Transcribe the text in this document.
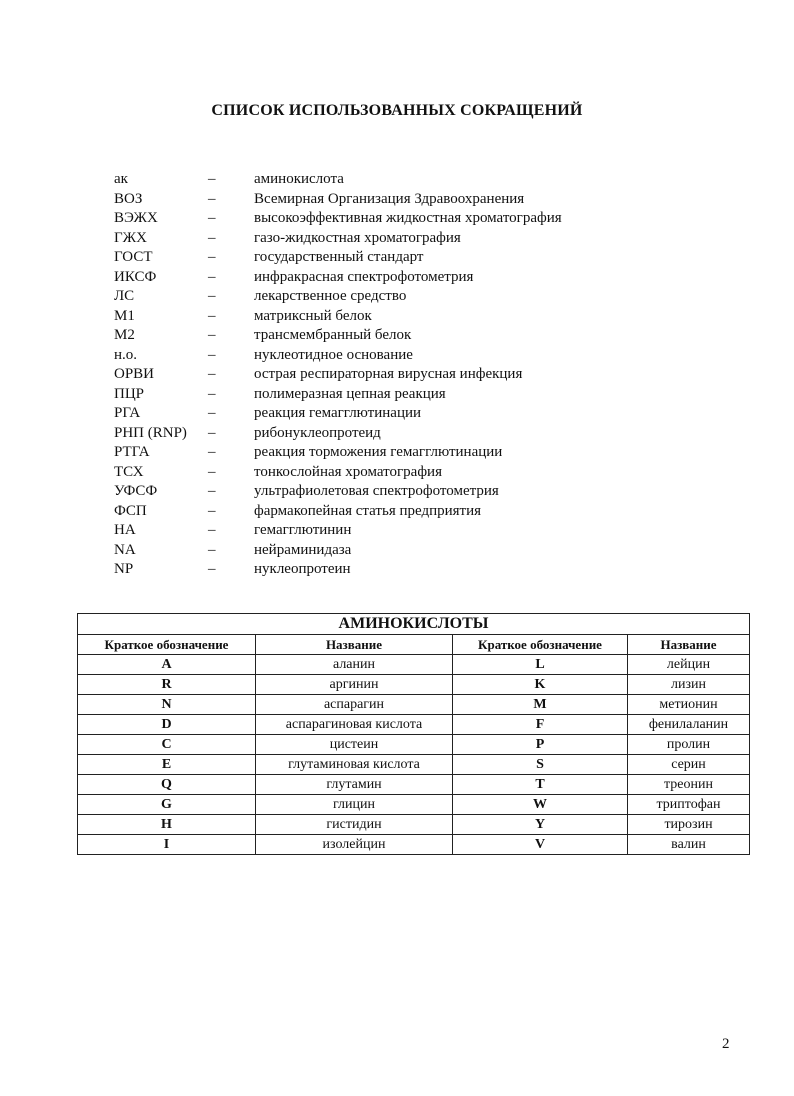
СПИСОК ИСПОЛЬЗОВАННЫХ СОКРАЩЕНИЙ
ак	–	аминокислота
ВОЗ	–	Всемирная Организация Здравоохранения
ВЭЖХ	–	высокоэффективная жидкостная хроматография
ГЖХ	–	газо-жидкостная хроматография
ГОСТ	–	государственный стандарт
ИКСФ	–	инфракрасная спектрофотометрия
ЛС	–	лекарственное средство
M1	–	матриксный белок
M2	–	трансмембранный белок
н.о.	–	нуклеотидное основание
ОРВИ	–	острая респираторная вирусная инфекция
ПЦР	–	полимеразная цепная реакция
РГА	–	реакция гемагглютинации
РНП (RNP) –	рибонуклеопротеид
РТГА	–	реакция торможения гемагглютинации
ТСХ	–	тонкослойная хроматография
УФСФ	–	ультрафиолетовая спектрофотометрия
ФСП	–	фармакопейная статья предприятия
HA	–	гемагглютинин
NA	–	нейраминидаза
NP	–	нуклеопротеин
АМИНОКИСЛОТЫ			
Краткое обозначение	Название	Краткое обозначение	Название
A	аланин	L	лейцин
R	аргинин	K	лизин
N	аспарагин	M	метионин
D	аспарагиновая кислота	F	фенилаланин
C	цистеин	P	пролин
E	глутаминовая кислота	S	серин
Q	глутамин	T	треонин
G	глицин	W	триптофан
H	гистидин	Y	тирозин
I	изолейцин	V	валин
2
